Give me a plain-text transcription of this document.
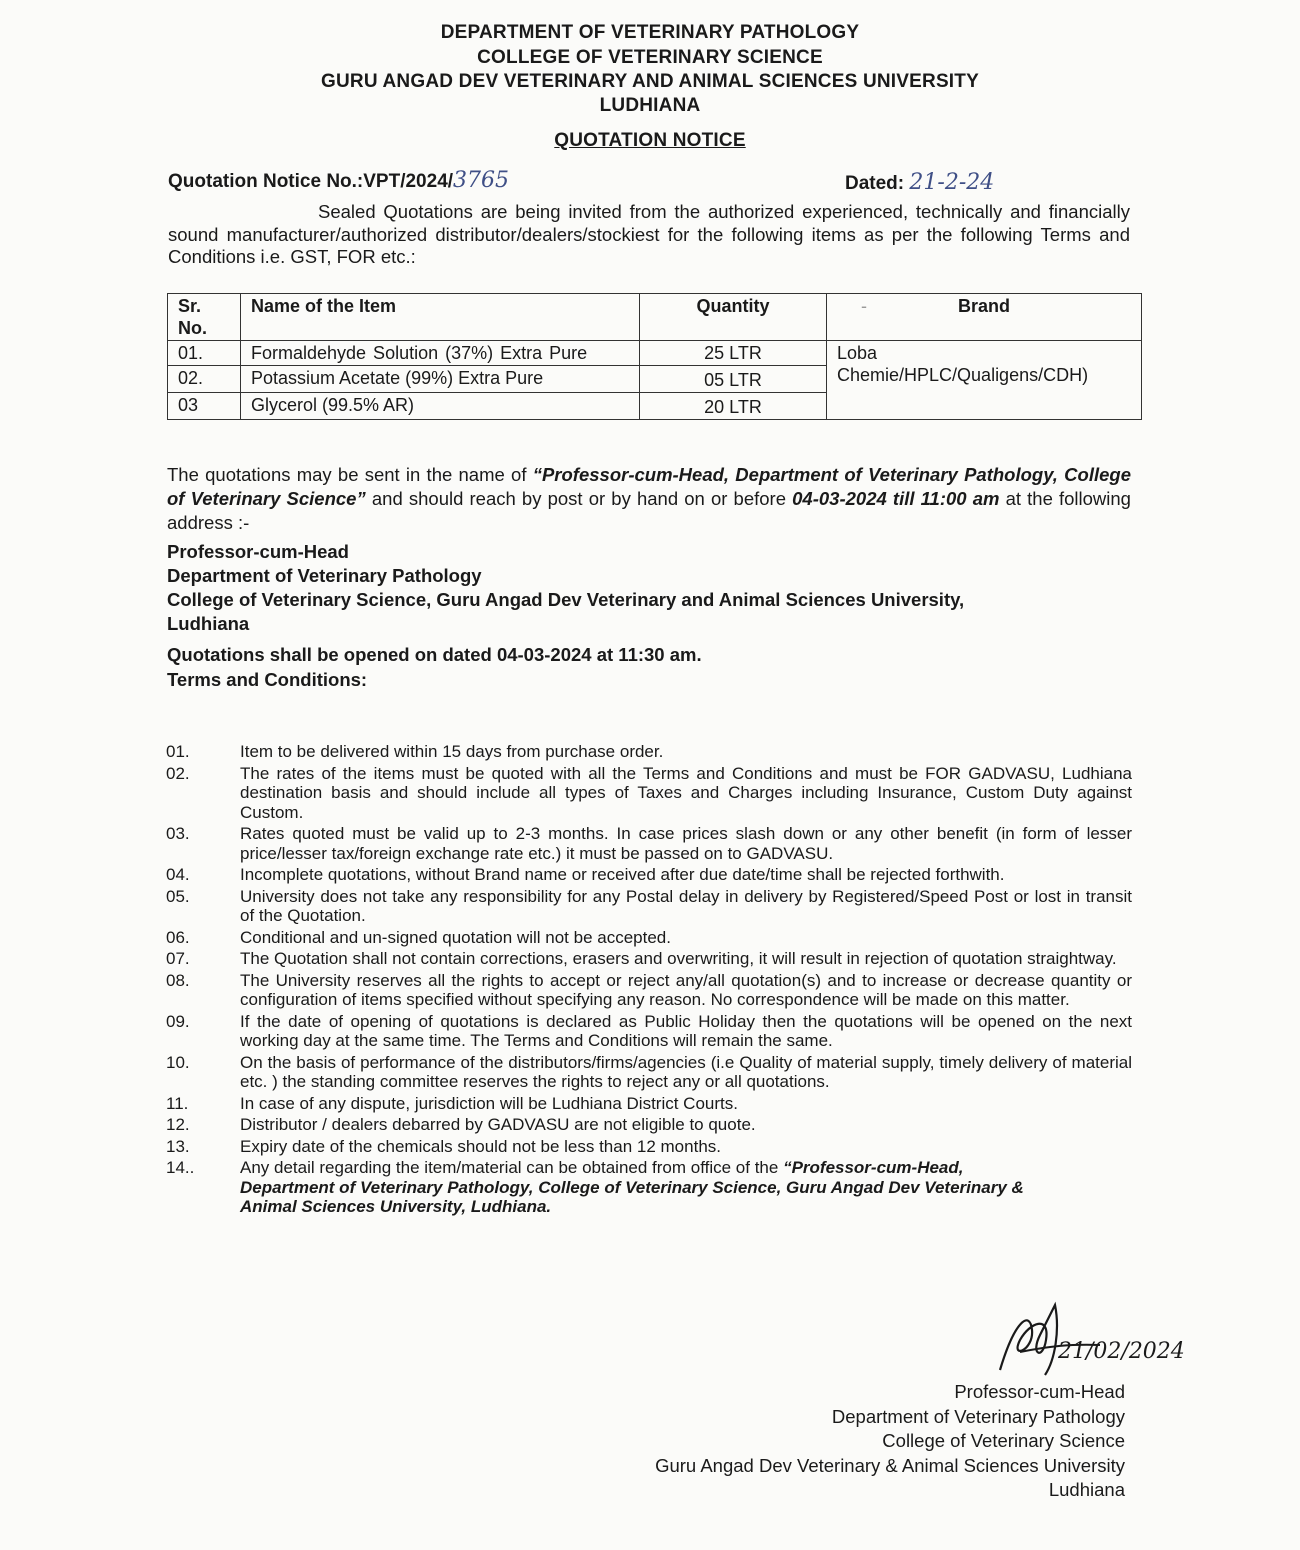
DEPARTMENT OF VETERINARY PATHOLOGY
COLLEGE OF VETERINARY SCIENCE
GURU ANGAD DEV VETERINARY AND ANIMAL SCIENCES UNIVERSITY
LUDHIANA
QUOTATION NOTICE
Quotation Notice No.:VPT/2024/3765	Dated: 21-2-24
Sealed Quotations are being invited from the authorized experienced, technically and financially sound manufacturer/authorized distributor/dealers/stockiest for the following items as per the following Terms and Conditions i.e. GST, FOR etc.:
Sr. No.	Name of the Item	Quantity	- Brand
01.	Formaldehyde Solution (37%) Extra Pure	25 LTR	Loba Chemie/HPLC/Qualigens/CDH)
02.	Potassium Acetate (99%) Extra Pure	05 LTR	
03	Glycerol (99.5% AR)	20 LTR	
The quotations may be sent in the name of “Professor-cum-Head, Department of Veterinary Pathology, College of Veterinary Science” and should reach by post or by hand on or before 04-03-2024 till 11:00 am at the following address :-
Professor-cum-Head
Department of Veterinary Pathology
College of Veterinary Science, Guru Angad Dev Veterinary and Animal Sciences University,
Ludhiana
Quotations shall be opened on dated 04-03-2024 at 11:30 am.
Terms and Conditions:
01.	Item to be delivered within 15 days from purchase order.
02.	The rates of the items must be quoted with all the Terms and Conditions and must be FOR GADVASU, Ludhiana destination basis and should include all types of Taxes and Charges including Insurance, Custom Duty against Custom.
03.	Rates quoted must be valid up to 2-3 months. In case prices slash down or any other benefit (in form of lesser price/lesser tax/foreign exchange rate etc.) it must be passed on to GADVASU.
04.	Incomplete quotations, without Brand name or received after due date/time shall be rejected forthwith.
05.	University does not take any responsibility for any Postal delay in delivery by Registered/Speed Post or lost in transit of the Quotation.
06.	Conditional and un-signed quotation will not be accepted.
07.	The Quotation shall not contain corrections, erasers and overwriting, it will result in rejection of quotation straightway.
08.	The University reserves all the rights to accept or reject any/all quotation(s) and to increase or decrease quantity or configuration of items specified without specifying any reason. No correspondence will be made on this matter.
09.	If the date of opening of quotations is declared as Public Holiday then the quotations will be opened on the next working day at the same time. The Terms and Conditions will remain the same.
10.	On the basis of performance of the distributors/firms/agencies (i.e Quality of material supply, timely delivery of material etc. ) the standing committee reserves the rights to reject any or all quotations.
11.	In case of any dispute, jurisdiction will be Ludhiana District Courts.
12.	Distributor / dealers debarred by GADVASU are not eligible to quote.
13.	Expiry date of the chemicals should not be less than 12 months.
14..	Any detail regarding the item/material can be obtained from office of the “Professor-cum-Head, Department of Veterinary Pathology, College of Veterinary Science, Guru Angad Dev Veterinary & Animal Sciences University, Ludhiana.
21/02/2024
Professor-cum-Head
Department of Veterinary Pathology
College of Veterinary Science
Guru Angad Dev Veterinary & Animal Sciences University
Ludhiana
